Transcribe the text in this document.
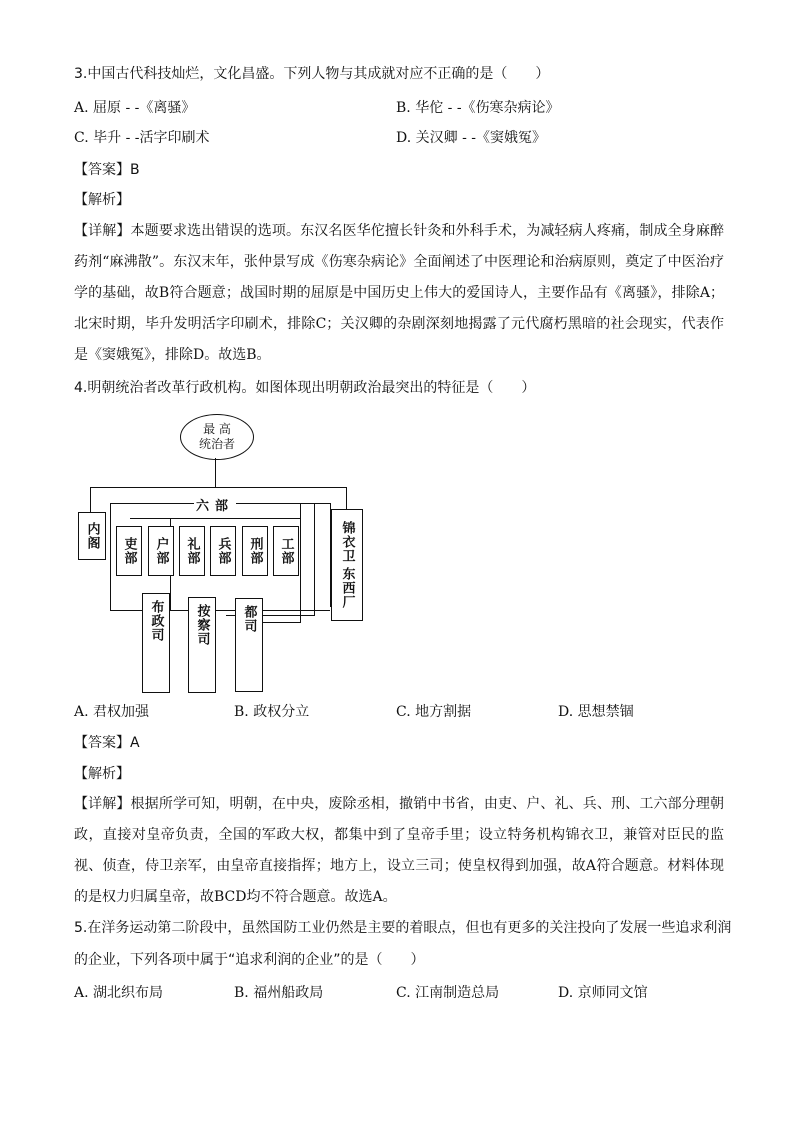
3.中国古代科技灿烂，文化昌盛。下列人物与其成就对应不正确的是（　　）
A. 屈原 - -《离骚》	B. 华佗 - -《伤寒杂病论》
C. 毕升 - -活字印刷术	D. 关汉卿 - -《窦娥冤》
【答案】B
【解析】
【详解】本题要求选出错误的选项。东汉名医华佗擅长针灸和外科手术，为减轻病人疼痛，制成全身麻醉药剂“麻沸散”。东汉末年，张仲景写成《伤寒杂病论》全面阐述了中医理论和治病原则，奠定了中医治疗学的基础，故B符合题意；战国时期的屈原是中国历史上伟大的爱国诗人，主要作品有《离骚》，排除A；北宋时期，毕升发明活字印刷术，排除C；关汉卿的杂剧深刻地揭露了元代腐朽黑暗的社会现实，代表作是《窦娥冤》，排除D。故选B。
4.明朝统治者改革行政机构。如图体现出明朝政治最突出的特征是（　　）
最 高
统治者
六部
内阁
吏部	户部	礼部	兵部	刑部	工部	锦衣卫
东西厂
布政司	按察司	都司
A. 君权加强	B. 政权分立	C. 地方割据	D. 思想禁锢
【答案】A
【解析】
【详解】根据所学可知，明朝，在中央，废除丞相，撤销中书省，由吏、户、礼、兵、刑、工六部分理朝政，直接对皇帝负责，全国的军政大权，都集中到了皇帝手里；设立特务机构锦衣卫，兼管对臣民的监视、侦查，侍卫亲军，由皇帝直接指挥；地方上，设立三司；使皇权得到加强，故A符合题意。材料体现的是权力归属皇帝，故BCD均不符合题意。故选A。
5.在洋务运动第二阶段中，虽然国防工业仍然是主要的着眼点，但也有更多的关注投向了发展一些追求利润
的企业，下列各项中属于“追求利润的企业”的是（　　）
A. 湖北织布局	B. 福州船政局	C. 江南制造总局	D. 京师同文馆
